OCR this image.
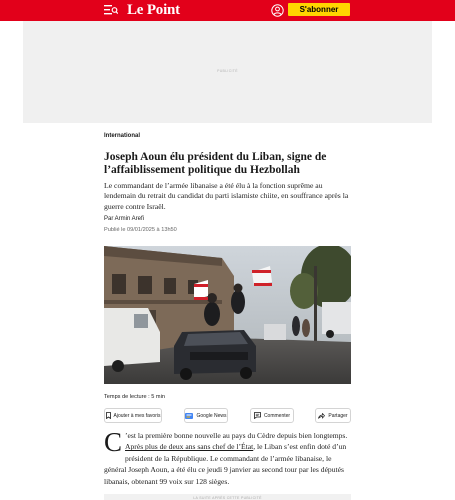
Le Point	S'abonner
PUBLICITÉ
International
Joseph Aoun élu président du Liban, signe de l’affaiblissement politique du Hezbollah

Le commandant de l’armée libanaise a été élu à la fonction suprême au lendemain du retrait du candidat du parti islamiste chiite, en souffrance après la guerre contre Israël.

Par Armin Arefi
Publié le 09/01/2025 à 13h50
Temps de lecture : 5 min
Ajouter à mes favoris	Google News	Commenter	Partager
C ’est la première bonne nouvelle au pays du Cèdre depuis bien longtemps. Après plus de deux ans sans chef de l’État, le Liban s’est enfin doté d’un président de la République. Le commandant de l’armée libanaise, le général Joseph Aoun, a été élu ce jeudi 9 janvier au second tour par les députés libanais, obtenant 99 voix sur 128 sièges.
LA SUITE APRÈS CETTE PUBLICITÉ
